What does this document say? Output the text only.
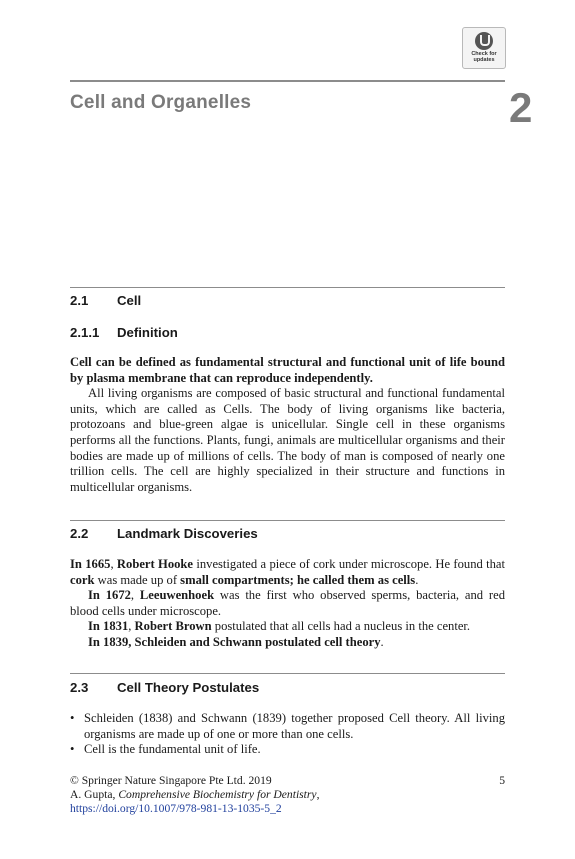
Check for
updates
Cell and Organelles	2
2.1 Cell
2.1.1 Definition

Cell can be defined as fundamental structural and functional unit of life bound by plasma membrane that can reproduce independently.

All living organisms are composed of basic structural and functional fundamental units, which are called as Cells. The body of living organisms like bacteria, protozoans and blue-green algae is unicellular. Single cell in these organisms performs all the functions. Plants, fungi, animals are multicellular organisms and their bodies are made up of millions of cells. The body of man is composed of nearly one trillion cells. The cell are highly specialized in their structure and functions in multicellular organisms.

2.2 Landmark Discoveries

In 1665, Robert Hooke investigated a piece of cork under microscope. He found that cork was made up of small compartments; he called them as cells.

In 1672, Leeuwenhoek was the first who observed sperms, bacteria, and red blood cells under microscope.

In 1831, Robert Brown postulated that all cells had a nucleus in the center.

In 1839, Schleiden and Schwann postulated cell theory.

2.3 Cell Theory Postulates
• Schleiden (1838) and Schwann (1839) together proposed Cell theory. All living organisms are made up of one or more than one cells.
• Cell is the fundamental unit of life.
© Springer Nature Singapore Pte Ltd. 2019
A. Gupta, Comprehensive Biochemistry for Dentistry,
https://doi.org/10.1007/978-981-13-1035-5_2
5
